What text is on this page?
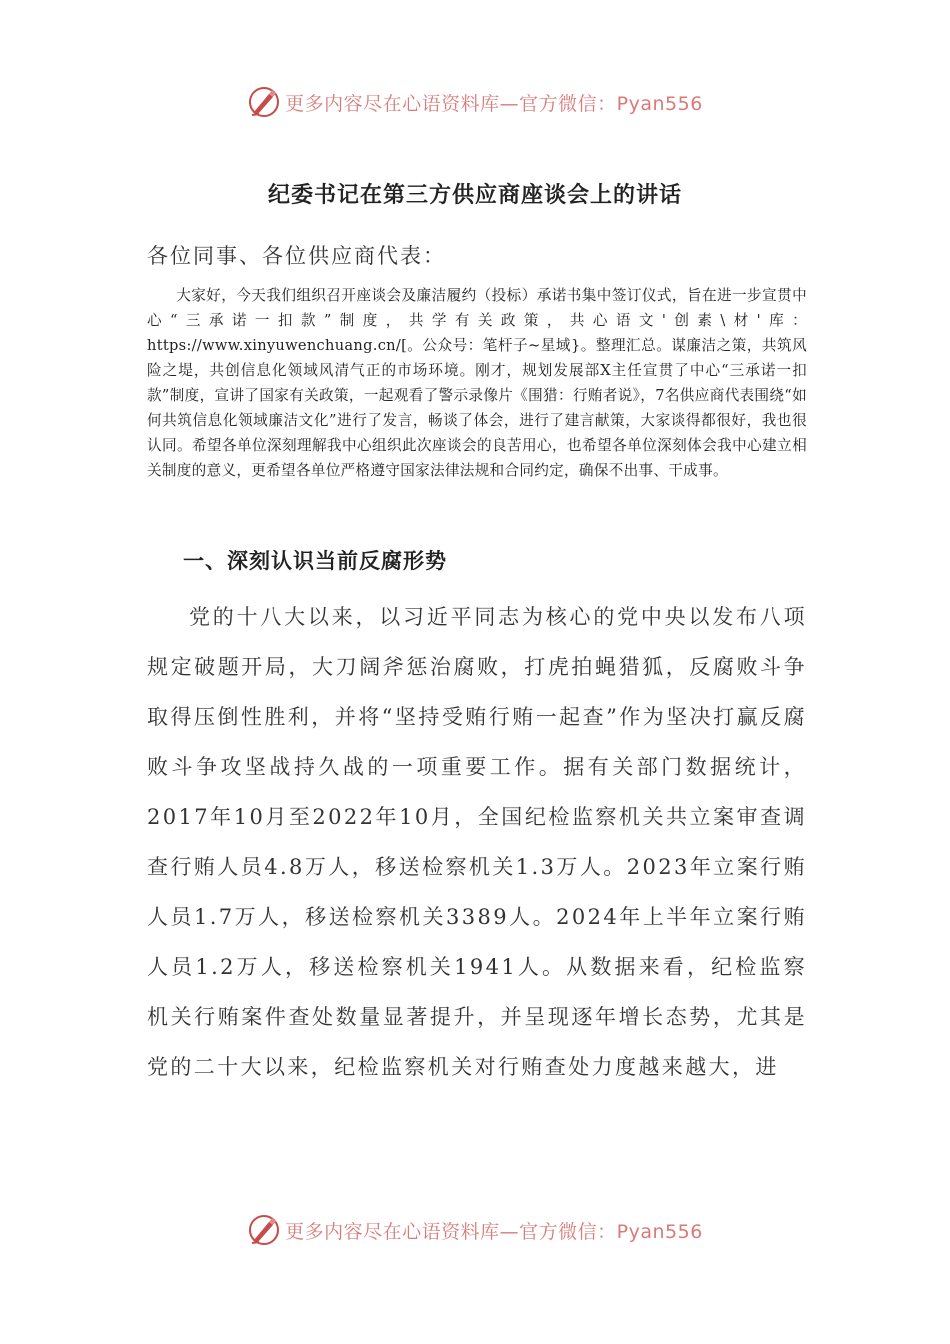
更多内容尽在心语资料库—官方微信：Pyan556
纪委书记在第三方供应商座谈会上的讲话
各位同事、各位供应商代表：

大家好，今天我们组织召开座谈会及廉洁履约（投标）承诺书集中签订仪式，旨在进一步宣贯中心“三承诺一扣款”制度，共学有关政策，共心语文'创素\材'库：https://www.xinyuwenchuang.cn/[。公众号：笔杆子~星域}。整理汇总。谋廉洁之策，共筑风险之堤，共创信息化领域风清气正的市场环境。刚才，规划发展部X主任宣贯了中心“三承诺一扣款”制度，宣讲了国家有关政策，一起观看了警示录像片《围猎：行贿者说》，7名供应商代表围绕“如何共筑信息化领域廉洁文化”进行了发言，畅谈了体会，进行了建言献策，大家谈得都很好，我也很认同。希望各单位深刻理解我中心组织此次座谈会的良苦用心，也希望各单位深刻体会我中心建立相关制度的意义，更希望各单位严格遵守国家法律法规和合同约定，确保不出事、干成事。

一、深刻认识当前反腐形势

党的十八大以来，以习近平同志为核心的党中央以发布八项规定破题开局，大刀阔斧惩治腐败，打虎拍蝇猎狐，反腐败斗争取得压倒性胜利，并将“坚持受贿行贿一起查”作为坚决打赢反腐败斗争攻坚战持久战的一项重要工作。据有关部门数据统计，2017年10月至2022年10月，全国纪检监察机关共立案审查调查行贿人员4.8万人，移送检察机关1.3万人。2023年立案行贿人员1.7万人，移送检察机关3389人。2024年上半年立案行贿人员1.2万人，移送检察机关1941人。从数据来看，纪检监察机关行贿案件查处数量显著提升，并呈现逐年增长态势，尤其是党的二十大以来，纪检监察机关对行贿查处力度越来越大，进

更多内容尽在心语资料库—官方微信：Pyan556
